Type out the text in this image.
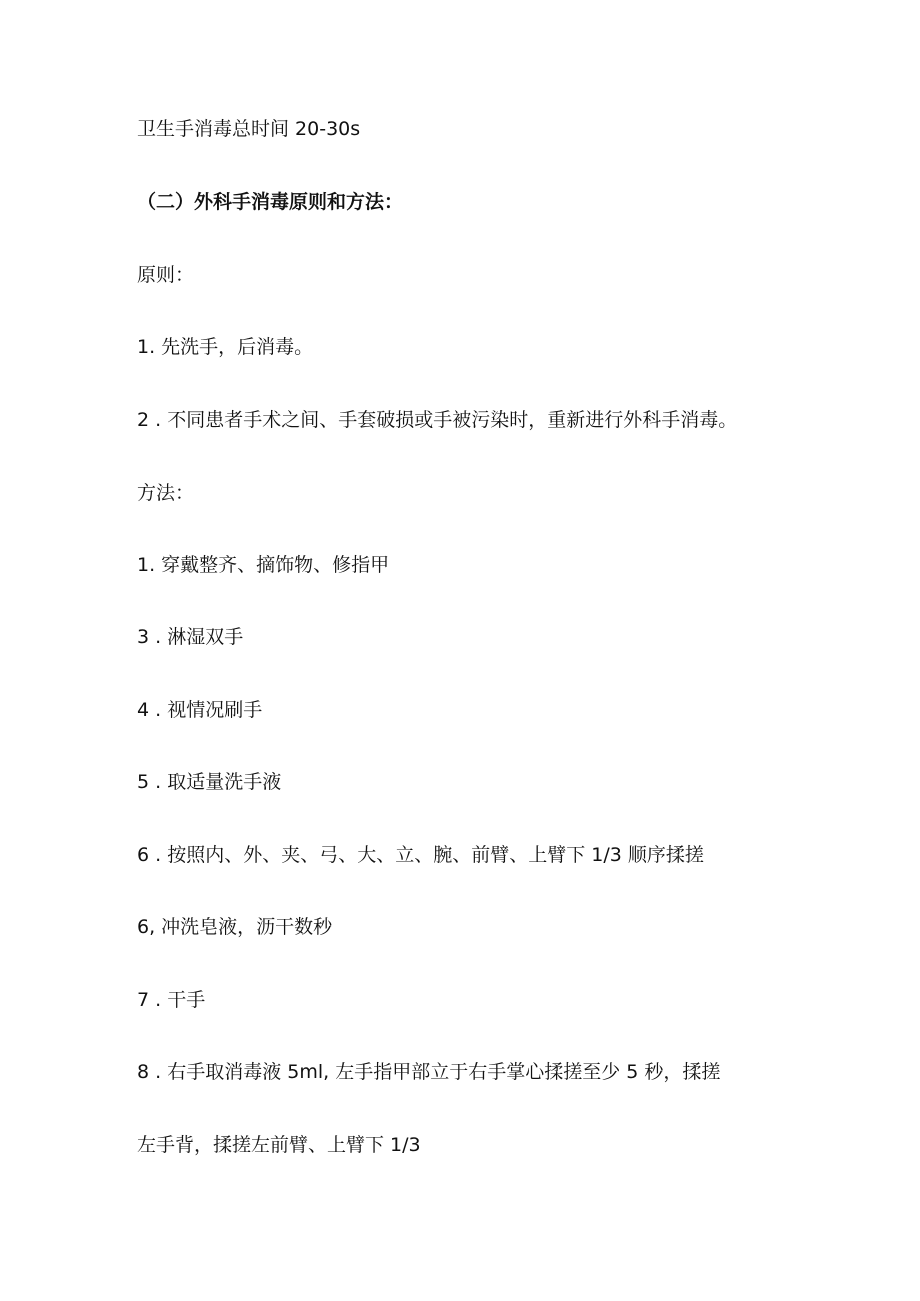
卫生手消毒总时间 20-30s

（二）外科手消毒原则和方法：

原则：

1. 先洗手，后消毒。

2 . 不同患者手术之间、手套破损或手被污染时，重新进行外科手消毒。

方法：

1. 穿戴整齐、摘饰物、修指甲

3 . 淋湿双手

4 . 视情况刷手

5 . 取适量洗手液

6 . 按照内、外、夹、弓、大、立、腕、前臂、上臂下 1/3 顺序揉搓

6, 冲洗皂液，沥干数秒

7 . 干手

8 . 右手取消毒液 5ml, 左手指甲部立于右手掌心揉搓至少 5 秒，揉搓

左手背，揉搓左前臂、上臂下 1/3
